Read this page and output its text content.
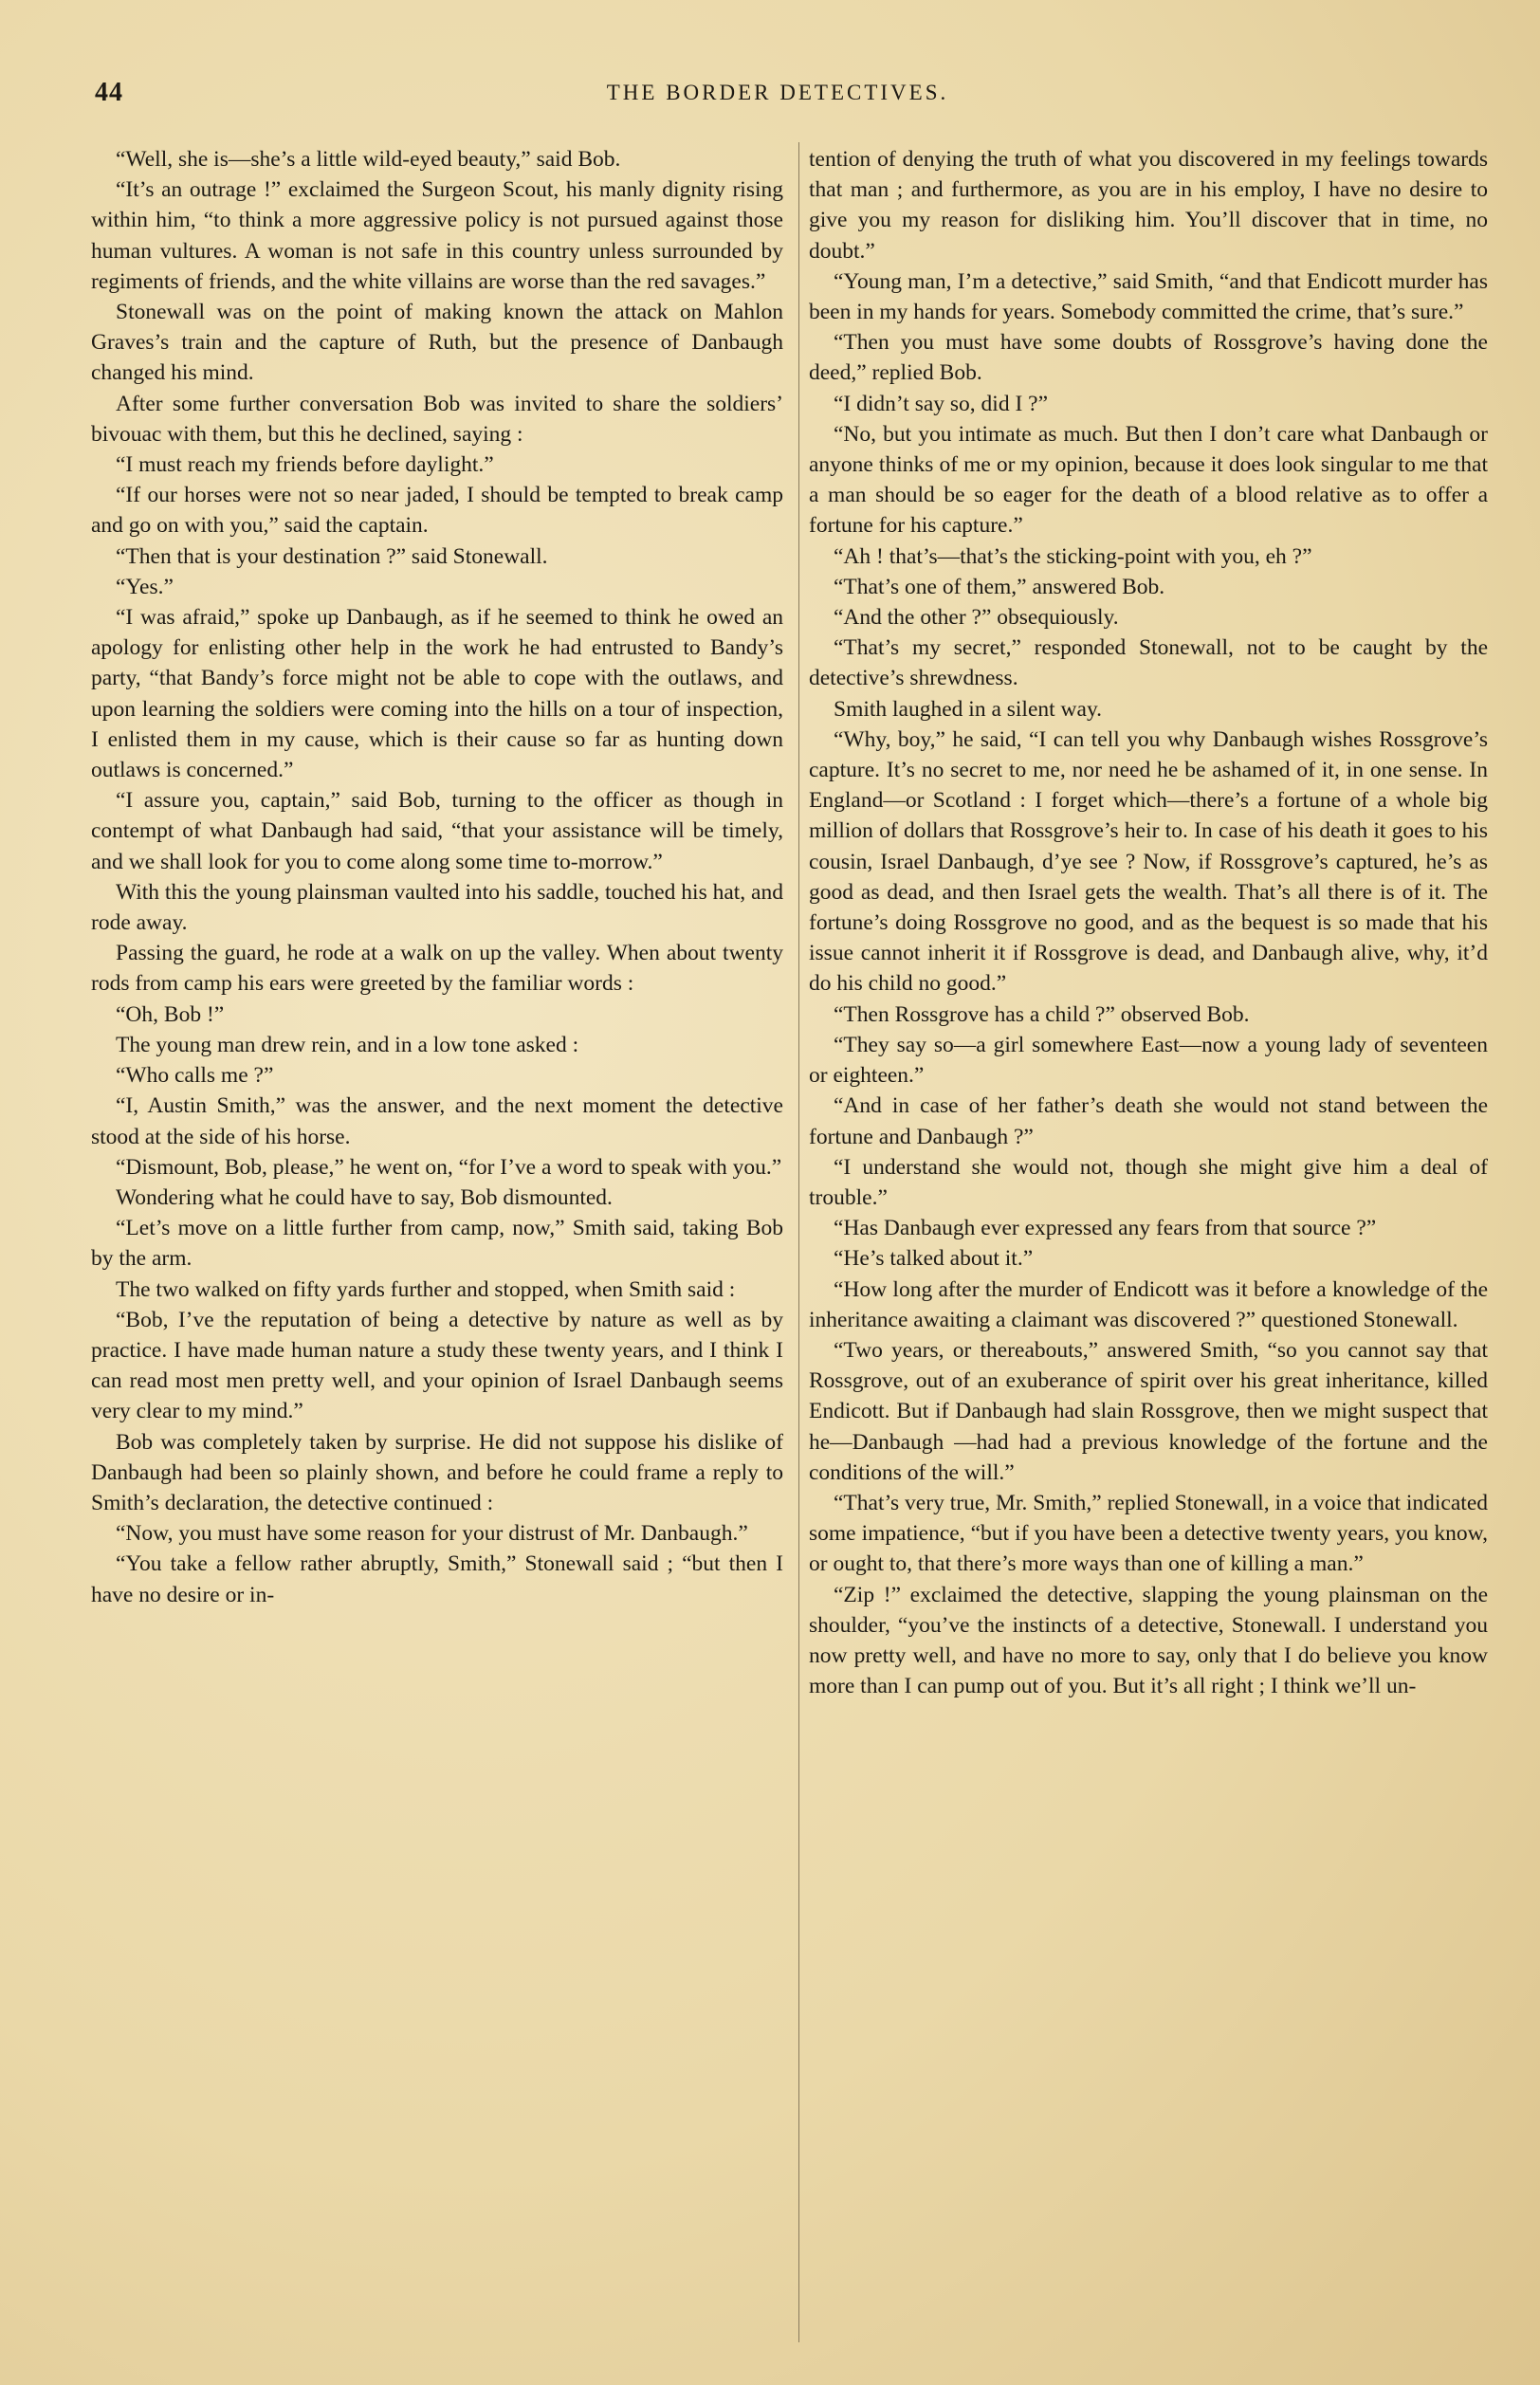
44	THE BORDER DETECTIVES.

“Well, she is—she’s a little wild-eyed beauty,” said Bob.

“It’s an outrage !” exclaimed the Surgeon Scout, his manly dignity rising within him, “to think a more aggressive policy is not pursued against those human vultures. A woman is not safe in this country unless surrounded by regiments of friends, and the white villains are worse than the red savages.”

Stonewall was on the point of making known the attack on Mahlon Graves’s train and the capture of Ruth, but the presence of Danbaugh changed his mind.

After some further conversation Bob was invited to share the soldiers’ bivouac with them, but this he declined, saying :

“I must reach my friends before daylight.”

“If our horses were not so near jaded, I should be tempted to break camp and go on with you,” said the captain.

“Then that is your destination ?” said Stonewall.

“Yes.”

“I was afraid,” spoke up Danbaugh, as if he seemed to think he owed an apology for enlisting other help in the work he had entrusted to Bandy’s party, “that Bandy’s force might not be able to cope with the outlaws, and upon learning the soldiers were coming into the hills on a tour of inspection, I enlisted them in my cause, which is their cause so far as hunting down outlaws is concerned.”

“I assure you, captain,” said Bob, turning to the officer as though in contempt of what Danbaugh had said, “that your assistance will be timely, and we shall look for you to come along some time to-morrow.”

With this the young plainsman vaulted into his saddle, touched his hat, and rode away.

Passing the guard, he rode at a walk on up the valley. When about twenty rods from camp his ears were greeted by the familiar words :

“Oh, Bob !”

The young man drew rein, and in a low tone asked :

“Who calls me ?”

“I, Austin Smith,” was the answer, and the next moment the detective stood at the side of his horse.

“Dismount, Bob, please,” he went on, “for I’ve a word to speak with you.”

Wondering what he could have to say, Bob dismounted.

“Let’s move on a little further from camp, now,” Smith said, taking Bob by the arm.

The two walked on fifty yards further and stopped, when Smith said :

“Bob, I’ve the reputation of being a detective by nature as well as by practice. I have made human nature a study these twenty years, and I think I can read most men pretty well, and your opinion of Israel Danbaugh seems very clear to my mind.”

Bob was completely taken by surprise. He did not suppose his dislike of Danbaugh had been so plainly shown, and before he could frame a reply to Smith’s declaration, the detective continued :

“Now, you must have some reason for your distrust of Mr. Danbaugh.”

“You take a fellow rather abruptly, Smith,” Stonewall said ; “but then I have no desire or in-

tention of denying the truth of what you discovered in my feelings towards that man ; and furthermore, as you are in his employ, I have no desire to give you my reason for disliking him. You’ll discover that in time, no doubt.”

“Young man, I’m a detective,” said Smith, “and that Endicott murder has been in my hands for years. Somebody committed the crime, that’s sure.”

“Then you must have some doubts of Rossgrove’s having done the deed,” replied Bob.

“I didn’t say so, did I ?”

“No, but you intimate as much. But then I don’t care what Danbaugh or anyone thinks of me or my opinion, because it does look singular to me that a man should be so eager for the death of a blood relative as to offer a fortune for his capture.”

“Ah ! that’s—that’s the sticking-point with you, eh ?”

“That’s one of them,” answered Bob.

“And the other ?” obsequiously.

“That’s my secret,” responded Stonewall, not to be caught by the detective’s shrewdness.

Smith laughed in a silent way.

“Why, boy,” he said, “I can tell you why Danbaugh wishes Rossgrove’s capture. It’s no secret to me, nor need he be ashamed of it, in one sense. In England—or Scotland : I forget which—there’s a fortune of a whole big million of dollars that Rossgrove’s heir to. In case of his death it goes to his cousin, Israel Danbaugh, d’ye see ? Now, if Rossgrove’s captured, he’s as good as dead, and then Israel gets the wealth. That’s all there is of it. The fortune’s doing Rossgrove no good, and as the bequest is so made that his issue cannot inherit it if Rossgrove is dead, and Danbaugh alive, why, it’d do his child no good.”

“Then Rossgrove has a child ?” observed Bob.

“They say so—a girl somewhere East—now a young lady of seventeen or eighteen.”

“And in case of her father’s death she would not stand between the fortune and Danbaugh ?”

“I understand she would not, though she might give him a deal of trouble.”

“Has Danbaugh ever expressed any fears from that source ?”

“He’s talked about it.”

“How long after the murder of Endicott was it before a knowledge of the inheritance awaiting a claimant was discovered ?” questioned Stonewall.

“Two years, or thereabouts,” answered Smith, “so you cannot say that Rossgrove, out of an exuberance of spirit over his great inheritance, killed Endicott. But if Danbaugh had slain Rossgrove, then we might suspect that he—Danbaugh —had had a previous knowledge of the fortune and the conditions of the will.”

“That’s very true, Mr. Smith,” replied Stonewall, in a voice that indicated some impatience, “but if you have been a detective twenty years, you know, or ought to, that there’s more ways than one of killing a man.”

“Zip !” exclaimed the detective, slapping the young plainsman on the shoulder, “you’ve the instincts of a detective, Stonewall. I understand you now pretty well, and have no more to say, only that I do believe you know more than I can pump out of you. But it’s all right ; I think we’ll un-
